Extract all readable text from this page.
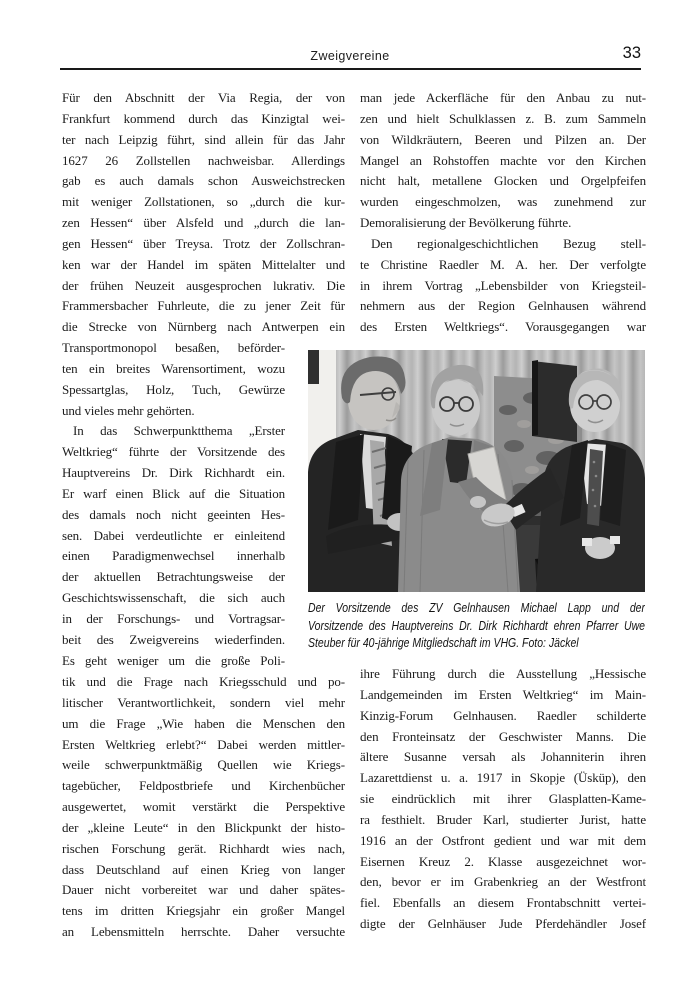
Zweigvereine	33
Für den Abschnitt der Via Regia, der von
Frankfurt kommend durch das Kinzigtal wei-
ter nach Leipzig führt, sind allein für das Jahr
1627 26 Zollstellen nachweisbar. Allerdings
gab es auch damals schon Ausweichstrecken
mit weniger Zollstationen, so „durch die kur-
zen Hessen“ über Alsfeld und „durch die lan-
gen Hessen“ über Treysa. Trotz der Zollschran-
ken war der Handel im späten Mittelalter und
der frühen Neuzeit ausgesprochen lukrativ. Die
Frammersbacher Fuhrleute, die zu jener Zeit für
die Strecke von Nürnberg nach Antwerpen ein
Transportmonopol besaßen, beförder-
ten ein breites Warensortiment, wozu
Spessartglas, Holz, Tuch, Gewürze
und vieles mehr gehörten.
In das Schwerpunktthema „Erster
Weltkrieg“ führte der Vorsitzende des
Hauptvereins Dr. Dirk Richhardt ein.
Er warf einen Blick auf die Situation
des damals noch nicht geeinten Hes-
sen. Dabei verdeutlichte er einleitend
einen Paradigmenwechsel innerhalb
der aktuellen Betrachtungsweise der
Geschichtswissenschaft, die sich auch
in der Forschungs- und Vortragsar-
beit des Zweigvereins wiederfinden.
Es geht weniger um die große Poli-
tik und die Frage nach Kriegsschuld und po-
litischer Verantwortlichkeit, sondern viel mehr
um die Frage „Wie haben die Menschen den
Ersten Weltkrieg erlebt?“ Dabei werden mittler-
weile schwerpunktmäßig Quellen wie Kriegs-
tagebücher, Feldpostbriefe und Kirchenbücher
ausgewertet, womit verstärkt die Perspektive
der „kleine Leute“ in den Blickpunkt der histo-
rischen Forschung gerät. Richhardt wies nach,
dass Deutschland auf einen Krieg von langer
Dauer nicht vorbereitet war und daher spätes-
tens im dritten Kriegsjahr ein großer Mangel
an Lebensmitteln herrschte. Daher versuchte
man jede Ackerfläche für den Anbau zu nut-
zen und hielt Schulklassen z. B. zum Sammeln
von Wildkräutern, Beeren und Pilzen an. Der
Mangel an Rohstoffen machte vor den Kirchen
nicht halt, metallene Glocken und Orgelpfeifen
wurden eingeschmolzen, was zunehmend zur
Demoralisierung der Bevölkerung führte.
Den regionalgeschichtlichen Bezug stell-
te Christine Raedler M. A. her. Der verfolgte
in ihrem Vortrag „Lebensbilder von Kriegsteil-
nehmern aus der Region Gelnhausen während
des Ersten Weltkriegs“. Vorausgegangen war
Der Vorsitzende des ZV Gelnhausen Michael Lapp und der
Vorsitzende des Hauptvereins Dr. Dirk Richhardt ehren Pfarrer Uwe
Steuber für 40-jährige Mitgliedschaft im VHG. Foto: Jäckel
ihre Führung durch die Ausstellung „Hessische
Landgemeinden im Ersten Weltkrieg“ im Main-
Kinzig-Forum Gelnhausen. Raedler schilderte
den Fronteinsatz der Geschwister Manns. Die
ältere Susanne versah als Johanniterin ihren
Lazarettdienst u. a. 1917 in Skopje (Üsküp), den
sie eindrücklich mit ihrer Glasplatten-Kame-
ra festhielt. Bruder Karl, studierter Jurist, hatte
1916 an der Ostfront gedient und war mit dem
Eisernen Kreuz 2. Klasse ausgezeichnet wor-
den, bevor er im Grabenkrieg an der Westfront
fiel. Ebenfalls an diesem Frontabschnitt vertei-
digte der Gelnhäuser Jude Pferdehändler Josef
